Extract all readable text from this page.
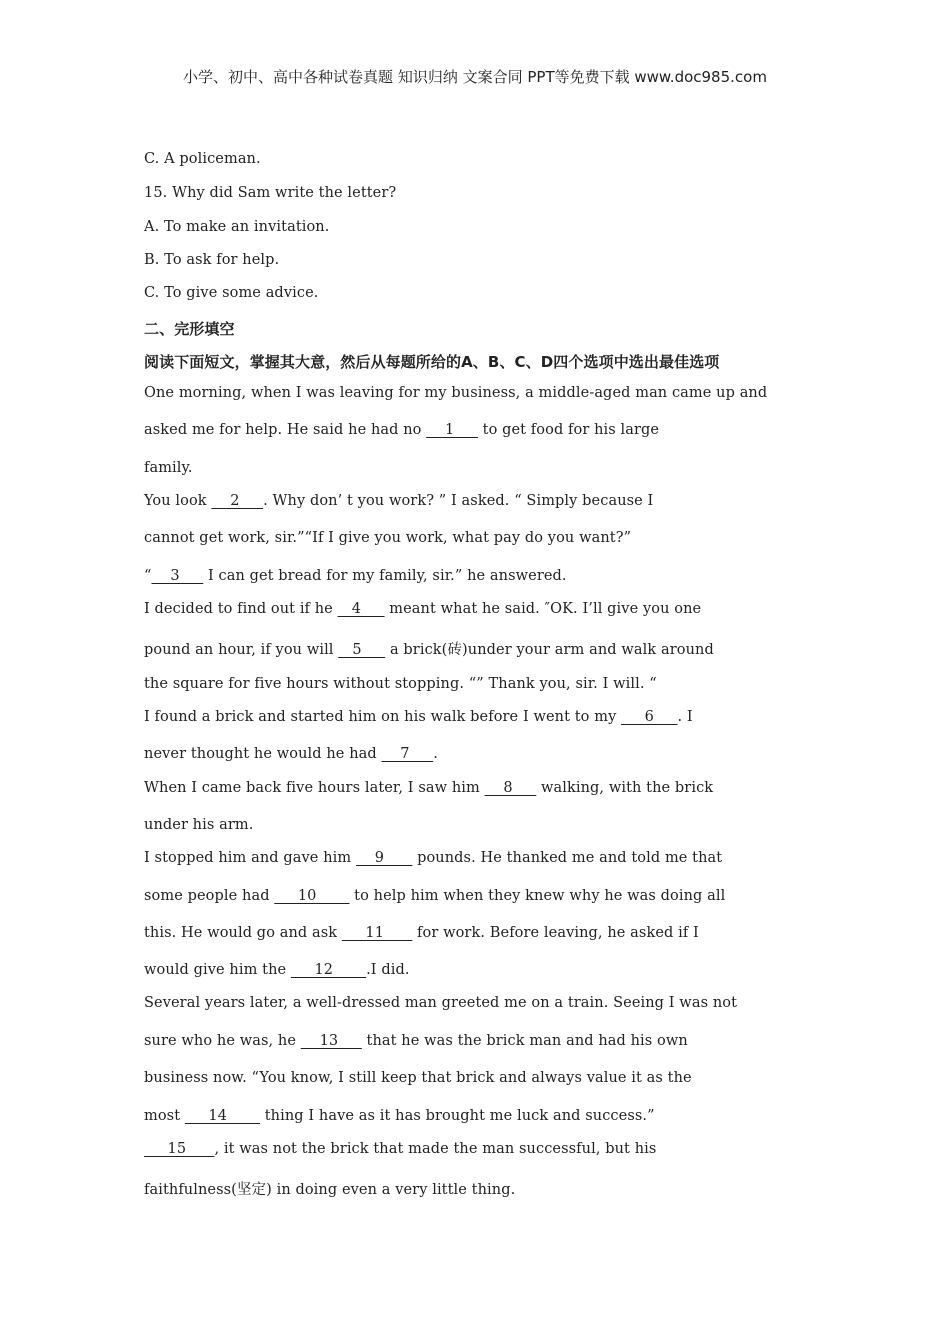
小学、初中、高中各种试卷真题 知识归纳 文案合同 PPT等免费下载 www.doc985.com
C. A policeman.
15. Why did Sam write the letter?
A. To make an invitation.
B. To ask for help.
C. To give some advice.
二、完形填空
阅读下面短文，掌握其大意，然后从每题所给的A、B、C、D四个选项中选出最佳选项
One morning, when I was leaving for my business, a middle-aged man came up and
asked me for help. He said he had no     1      to get food for his large
family.
You look     2     . Why don’ t you work? ” I asked. “ Simply because I
cannot get work, sir.”“If I give you work, what pay do you want?”
“    3      I can get bread for my family, sir.” he answered.
I decided to find out if he    4      meant what he said. ″OK. I’ll give you one
pound an hour, if you will    5      a brick(砖)under your arm and walk around
the square for five hours without stopping. “” Thank you, sir. I will. “
I found a brick and started him on his walk before I went to my      6     . I
never thought he would he had     7     .
When I came back five hours later, I saw him     8      walking, with the brick
under his arm.
I stopped him and gave him     9       pounds. He thanked me and told me that
some people had      10        to help him when they knew why he was doing all
this. He would go and ask      11       for work. Before leaving, he asked if I
would give him the      12       .I did.
Several years later, a well-dressed man greeted me on a train. Seeing I was not
sure who he was, he     13      that he was the brick man and had his own
business now. “You know, I still keep that brick and always value it as the
most      14        thing I have as it has brought me luck and success.”
15      , it was not the brick that made the man successful, but his
faithfulness(坚定) in doing even a very little thing.
